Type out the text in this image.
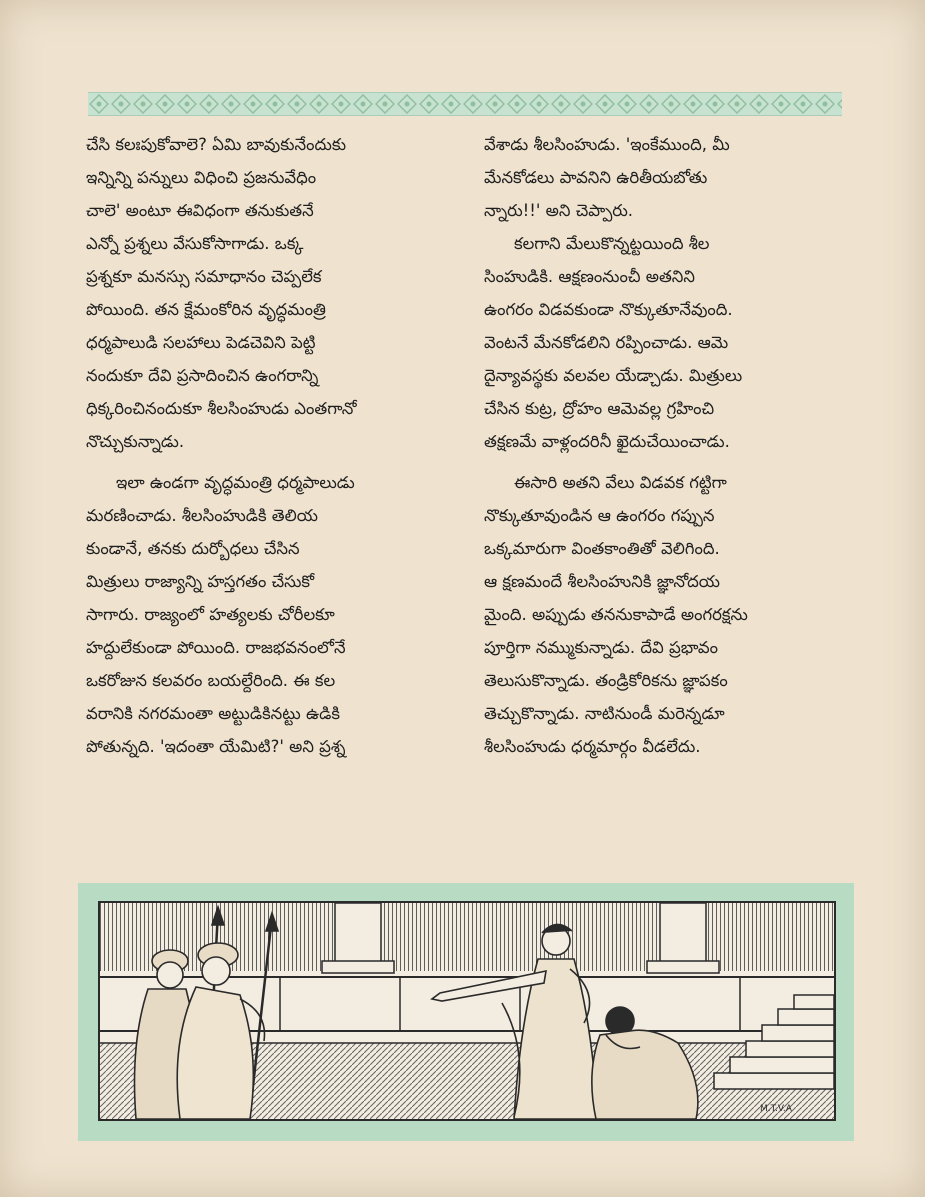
చేసి కలఃపుకోవాలె? ఏమి బావుకునేందుకు
ఇన్నిన్ని పన్నులు విధించి ప్రజనువేధిం
చాలె' అంటూ ఈవిధంగా తనుకుతనే
ఎన్నో ప్రశ్నలు వేసుకోసాగాడు. ఒక్క
ప్రశ్నకూ మనస్సు సమాధానం చెప్పలేక
పోయింది. తన క్షేమంకోరిన వృద్ధమంత్రి
ధర్మపాలుడి సలహాలు పెడచెవిని పెట్టి
నందుకూ దేవి ప్రసాదించిన ఉంగరాన్ని
ధిక్కరించినందుకూ శీలసింహుడు ఎంతగానో
నొచ్చుకున్నాడు.
ఇలా ఉండగా వృద్ధమంత్రి ధర్మపాలుడు
మరణించాడు. శీలసింహుడికి తెలియ
కుండానే, తనకు దుర్బోధలు చేసిన
మిత్రులు రాజ్యాన్ని హస్తగతం చేసుకో
సాగారు. రాజ్యంలో హత్యలకు చోరీలకూ
హద్దులేకుండా పోయింది. రాజభవనంలోనే
ఒకరోజున కలవరం బయల్దేరింది. ఈ కల
వరానికి నగరమంతా అట్టుడికినట్టు ఉడికి
పోతున్నది. 'ఇదంతా యేమిటి?' అని ప్రశ్న
వేశాడు శీలసింహుడు. 'ఇంకేముంది, మీ
మేనకోడలు పావనిని ఉరితీయబోతు
న్నారు!!' అని చెప్పారు.
కలగాని మేలుకొన్నట్టయింది శీల
సింహుడికి. ఆక్షణంనుంచీ అతనిని
ఉంగరం విడవకుండా నొక్కుతూనేవుంది.
వెంటనే మేనకోడలిని రప్పించాడు. ఆమె
దైన్యావస్థకు వలవల యేడ్చాడు. మిత్రులు
చేసిన కుట్ర, ద్రోహం ఆమెవల్ల గ్రహించి
తక్షణమే వాళ్లందరినీ ఖైదుచేయించాడు.
ఈసారి అతని వేలు విడవక గట్టిగా
నొక్కుతూవుండిన ఆ ఉంగరం గప్పున
ఒక్కమారుగా వింతకాంతితో వెలిగింది.
ఆ క్షణమందే శీలసింహునికి జ్ఞానోదయ
మైంది. అప్పుడు తననుకాపాడే అంగరక్షను
పూర్తిగా నమ్ముకున్నాడు. దేవి ప్రభావం
తెలుసుకొన్నాడు. తండ్రికోరికను జ్ఞాపకం
తెచ్చుకొన్నాడు. నాటినుండీ మరెన్నడూ
శీలసింహుడు ధర్మమార్గం వీడలేదు.
M.T.V.A
